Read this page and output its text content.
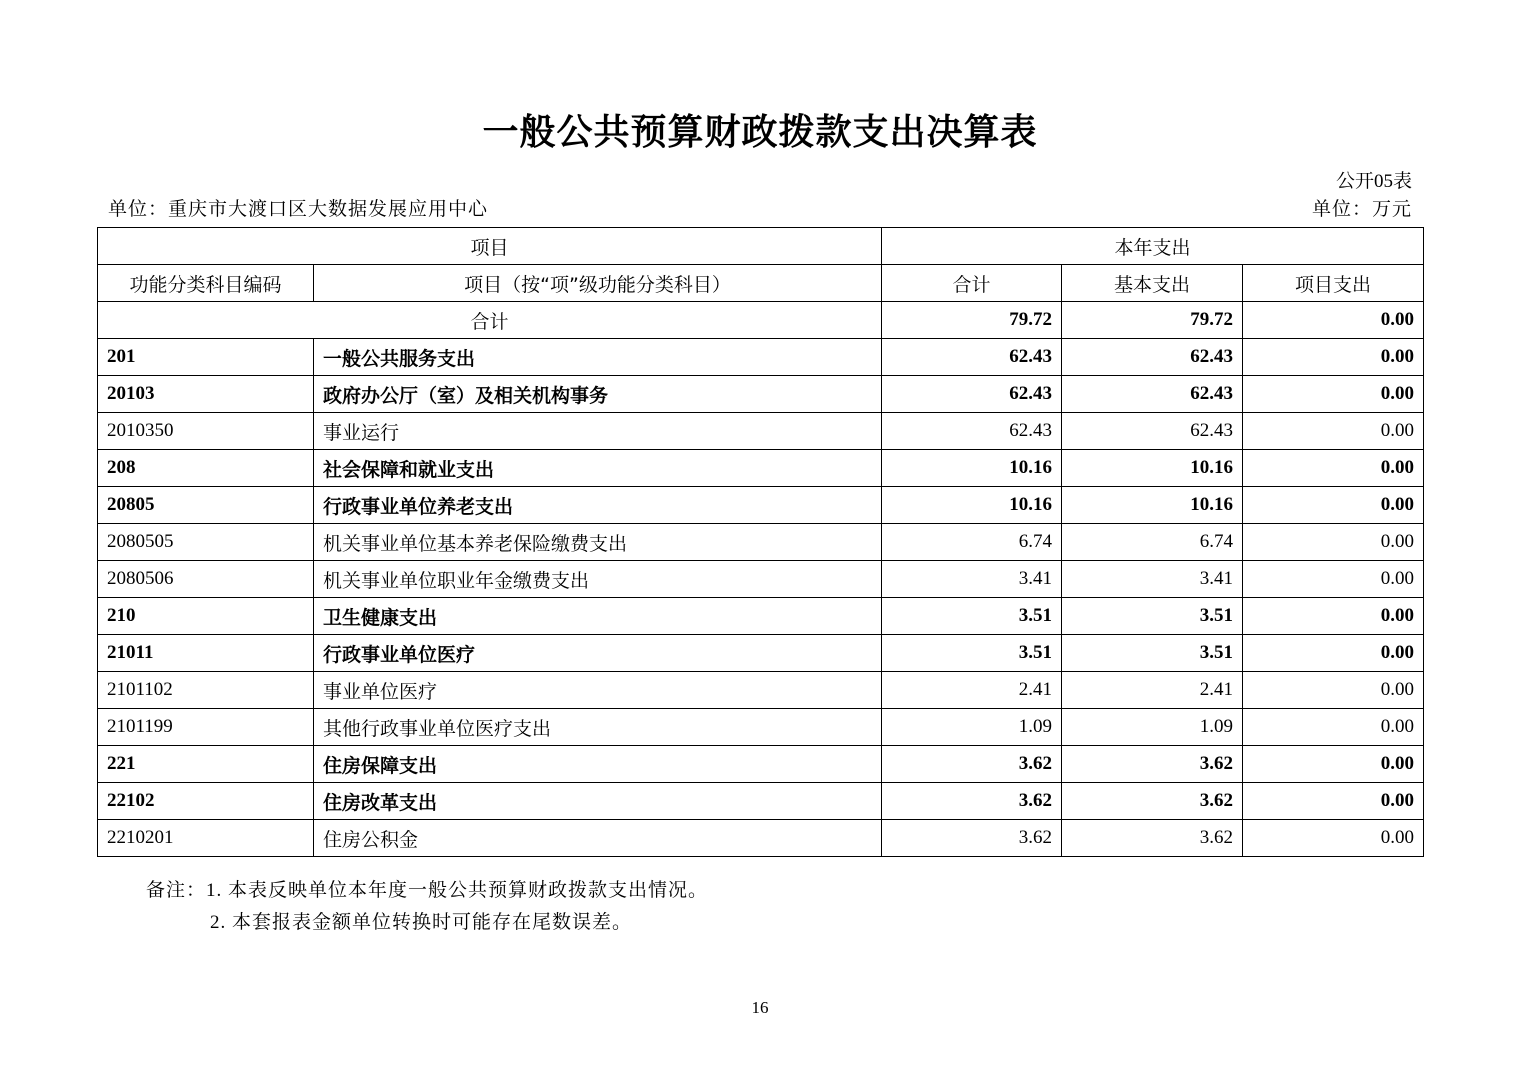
一般公共预算财政拨款支出决算表
公开05表
单位：重庆市大渡口区大数据发展应用中心	单位：万元
项目		本年支出		
功能分类科目编码	项目（按“项”级功能分类科目）	合计	基本支出	项目支出
合计		79.72	79.72	0.00
201	一般公共服务支出	62.43	62.43	0.00
20103	政府办公厅（室）及相关机构事务	62.43	62.43	0.00
2010350	事业运行	62.43	62.43	0.00
208	社会保障和就业支出	10.16	10.16	0.00
20805	行政事业单位养老支出	10.16	10.16	0.00
2080505	机关事业单位基本养老保险缴费支出	6.74	6.74	0.00
2080506	机关事业单位职业年金缴费支出	3.41	3.41	0.00
210	卫生健康支出	3.51	3.51	0.00
21011	行政事业单位医疗	3.51	3.51	0.00
2101102	事业单位医疗	2.41	2.41	0.00
2101199	其他行政事业单位医疗支出	1.09	1.09	0.00
221	住房保障支出	3.62	3.62	0.00
22102	住房改革支出	3.62	3.62	0.00
2210201	住房公积金	3.62	3.62	0.00
备注：1. 本表反映单位本年度一般公共预算财政拨款支出情况。
2. 本套报表金额单位转换时可能存在尾数误差。
16
